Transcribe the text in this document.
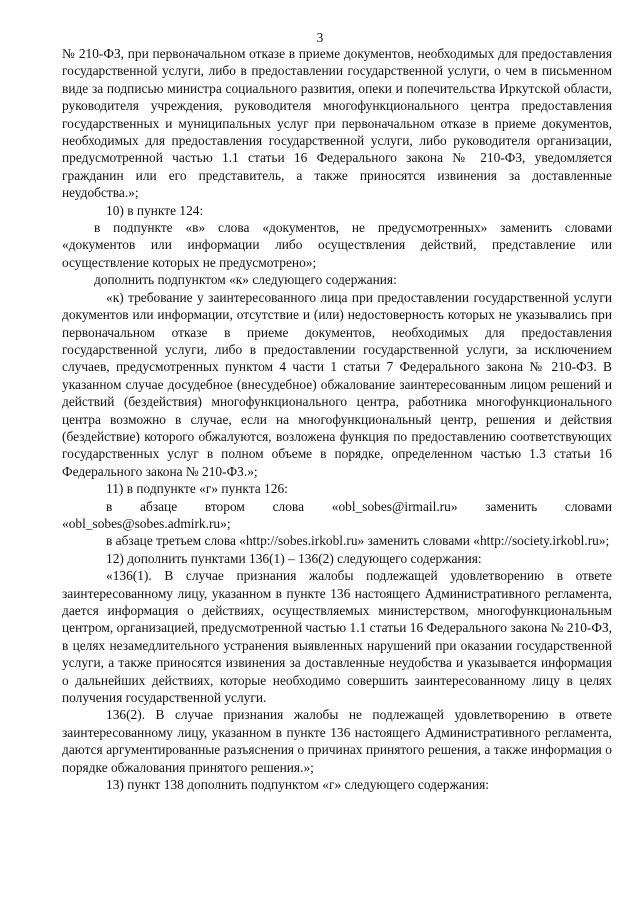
3

№ 210-ФЗ, при первоначальном отказе в приеме документов, необходимых для предоставления государственной услуги, либо в предоставлении государственной услуги, о чем в письменном виде за подписью министра социального развития, опеки и попечительства Иркутской области, руководителя учреждения, руководителя многофункционального центра предоставления государственных и муниципальных услуг при первоначальном отказе в приеме документов, необходимых для предоставления государственной услуги, либо руководителя организации, предусмотренной частью 1.1 статьи 16 Федерального закона № 210-ФЗ, уведомляется гражданин или его представитель, а также приносятся извинения за доставленные неудобства.»;

10) в пункте 124:

в подпункте «в» слова «документов, не предусмотренных» заменить словами «документов или информации либо осуществления действий, представление или осуществление которых не предусмотрено»;

дополнить подпунктом «к» следующего содержания:

«к) требование у заинтересованного лица при предоставлении государственной услуги документов или информации, отсутствие и (или) недостоверность которых не указывались при первоначальном отказе в приеме документов, необходимых для предоставления государственной услуги, либо в предоставлении государственной услуги, за исключением случаев, предусмотренных пунктом 4 части 1 статьи 7 Федерального закона № 210-ФЗ. В указанном случае досудебное (внесудебное) обжалование заинтересованным лицом решений и действий (бездействия) многофункционального центра, работника многофункционального центра возможно в случае, если на многофункциональный центр, решения и действия (бездействие) которого обжалуются, возложена функция по предоставлению соответствующих государственных услуг в полном объеме в порядке, определенном частью 1.3 статьи 16 Федерального закона № 210-ФЗ.»;

11) в подпункте «г» пункта 126:

в абзаце втором слова «obl_sobes@irmail.ru» заменить словами «obl_sobes@sobes.admirk.ru»;

в абзаце третьем слова «http://sobes.irkobl.ru» заменить словами «http://society.irkobl.ru»;

12) дополнить пунктами 136(1) – 136(2) следующего содержания:

«136(1). В случае признания жалобы подлежащей удовлетворению в ответе заинтересованному лицу, указанном в пункте 136 настоящего Административного регламента, дается информация о действиях, осуществляемых министерством, многофункциональным центром, организацией, предусмотренной частью 1.1 статьи 16 Федерального закона № 210-ФЗ, в целях незамедлительного устранения выявленных нарушений при оказании государственной услуги, а также приносятся извинения за доставленные неудобства и указывается информация о дальнейших действиях, которые необходимо совершить заинтересованному лицу в целях получения государственной услуги.

136(2). В случае признания жалобы не подлежащей удовлетворению в ответе заинтересованному лицу, указанном в пункте 136 настоящего Административного регламента, даются аргументированные разъяснения о причинах принятого решения, а также информация о порядке обжалования принятого решения.»;

13) пункт 138 дополнить подпунктом «г» следующего содержания:
